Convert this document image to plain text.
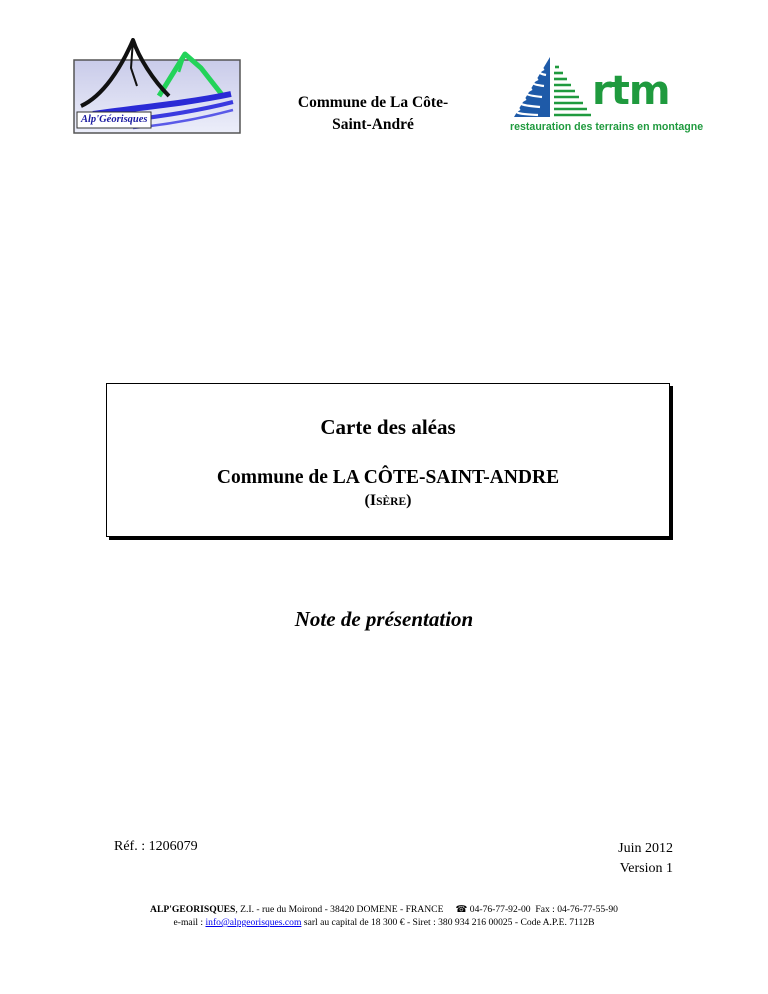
Alp'Géorisques
Commune de La Côte-
Saint-André
rtm
restauration des terrains en montagne
Carte des aléas
Commune de LA CÔTE-SAINT-ANDRE
(ISÈRE)
Note de présentation
Réf. : 1206079	Juin 2012
Version 1
ALP'GEORISQUES, Z.I. - rue du Moirond - 38420 DOMENE - FRANCE ☎ 04-76-77-92-00 Fax : 04-76-77-55-90
e-mail : info@alpgeorisques.com sarl au capital de 18 300 € - Siret : 380 934 216 00025 - Code A.P.E. 7112B
